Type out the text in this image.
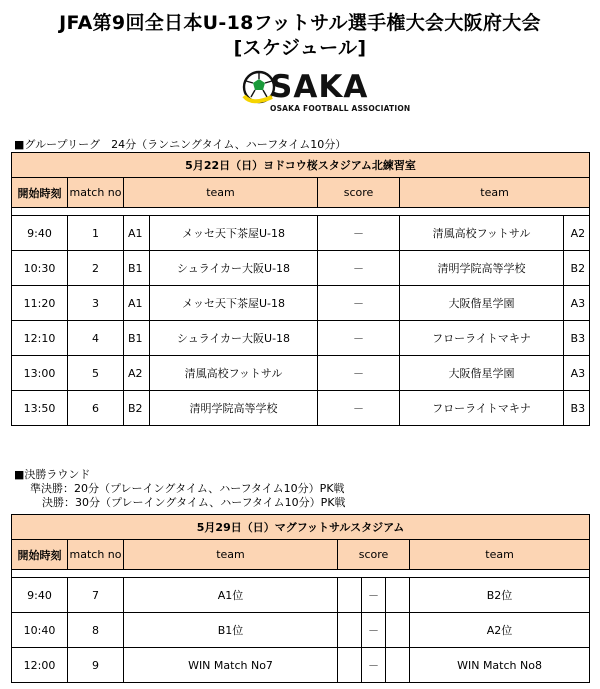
JFA第9回全日本U-18フットサル選手権大会大阪府大会
[スケジュール]
SAKA
OSAKA FOOTBALL ASSOCIATION
■グループリーグ　24分（ランニングタイム、ハーフタイム10分）
5月22日（日）ヨドコウ桜スタジアム北練習室						
開始時刻	match no	team		score	team	

9:40	1	A1	メッセ天下茶屋U-18	－	清風高校フットサル	A2
10:30	2	B1	シュライカー大阪U-18	－	清明学院高等学校	B2
11:20	3	A1	メッセ天下茶屋U-18	－	大阪偕星学園	A3
12:10	4	B1	シュライカー大阪U-18	－	フローライトマキナ	B3
13:00	5	A2	清風高校フットサル	－	大阪偕星学園	A3
13:50	6	B2	清明学院高等学校	－	フローライトマキナ	B3
■決勝ラウンド
準決勝：20分（プレーイングタイム、ハーフタイム10分）PK戦
決勝：30分（プレーイングタイム、ハーフタイム10分）PK戦
5月29日（日）マグフットサルスタジアム						
開始時刻	match no	team	score			team

9:40	7	A1位		－		B2位
10:40	8	B1位		－		A2位
12:00	9	WIN Match No7		－		WIN Match No8
